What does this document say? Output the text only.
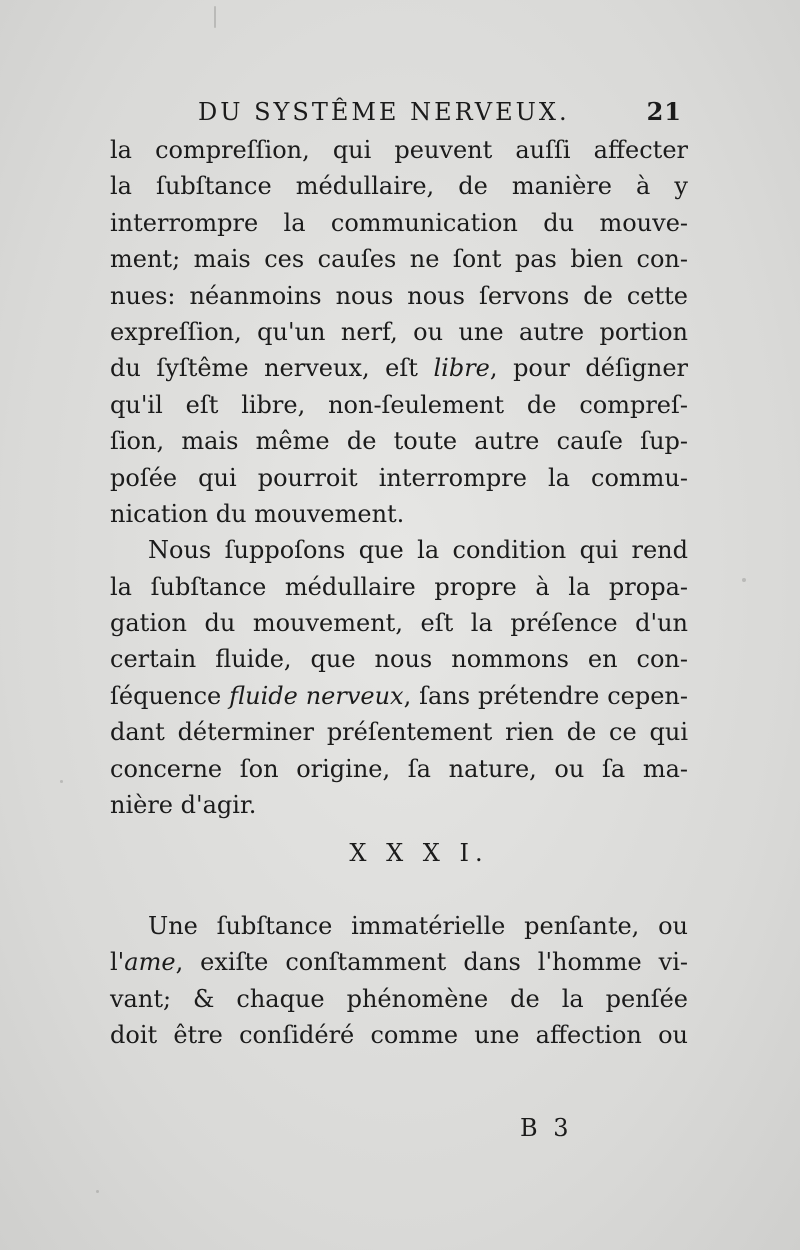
DU SYSTÊME NERVEUX.	21
la compreſſion, qui peuvent auſſi affecter
la ſubſtance médullaire, de manière à y
interrompre la communication du mouve-
ment; mais ces cauſes ne ſont pas bien con-
nues: néanmoins nous nous ſervons de cette
expreſſion, qu'un nerf, ou une autre portion
du ſyſtême nerveux, eſt libre, pour déſigner
qu'il eſt libre, non-ſeulement de compreſ-
ſion, mais même de toute autre cauſe ſup-
poſée qui pourroit interrompre la commu-
nication du mouvement.
Nous ſuppoſons que la condition qui rend
la ſubſtance médullaire propre à la propa-
gation du mouvement, eſt la préſence d'un
certain fluide, que nous nommons en con-
ſéquence fluide nerveux, ſans prétendre cepen-
dant déterminer préſentement rien de ce qui
concerne ſon origine, ſa nature, ou ſa ma-
nière d'agir.
X X X I.
Une ſubſtance immatérielle penſante, ou
l'ame, exiſte conſtamment dans l'homme vi-
vant; & chaque phénomène de la penſée
doit être conſidéré comme une affection ou
B 3
